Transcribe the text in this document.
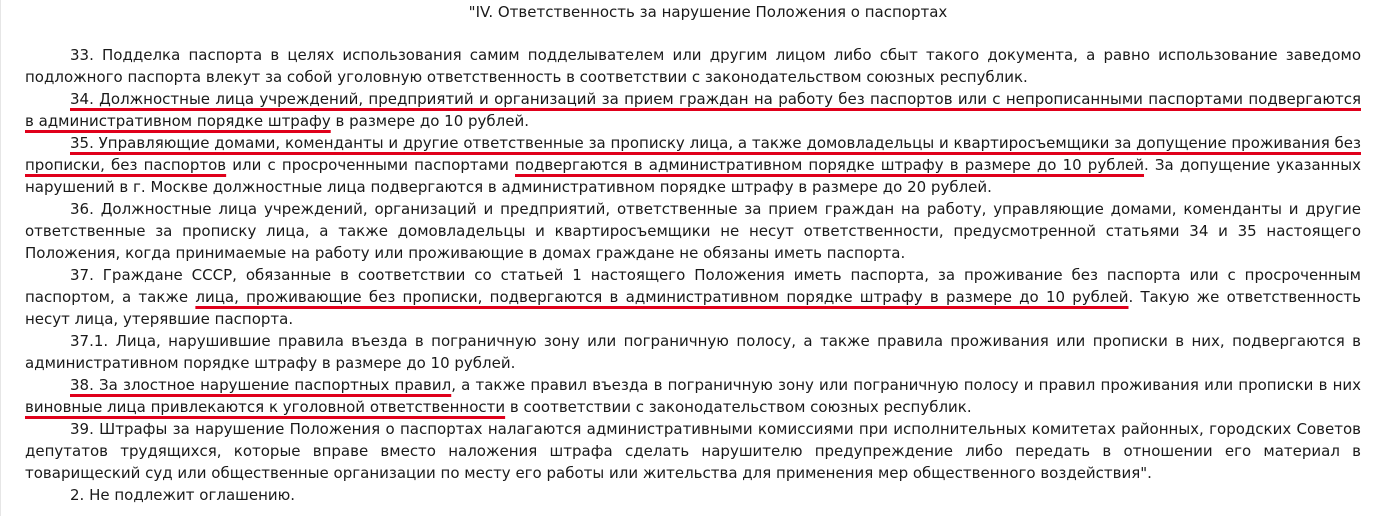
"IV. Ответственность за нарушение Положения о паспортах

33. Подделка паспорта в целях использования самим подделывателем или другим лицом либо сбыт такого документа, а равно использование заведомо подложного паспорта влекут за собой уголовную ответственность в соответствии с законодательством союзных республик.

34. Должностные лица учреждений, предприятий и организаций за прием граждан на работу без паспортов или с непрописанными паспортами подвергаются в административном порядке штрафу в размере до 10 рублей.

35. Управляющие домами, коменданты и другие ответственные за прописку лица, а также домовладельцы и квартиросъемщики за допущение проживания без прописки, без паспортов или с просроченными паспортами подвергаются в административном порядке штрафу в размере до 10 рублей. За допущение указанных нарушений в г. Москве должностные лица подвергаются в административном порядке штрафу в размере до 20 рублей.

36. Должностные лица учреждений, организаций и предприятий, ответственные за прием граждан на работу, управляющие домами, коменданты и другие ответственные за прописку лица, а также домовладельцы и квартиросъемщики не несут ответственности, предусмотренной статьями 34 и 35 настоящего Положения, когда принимаемые на работу или проживающие в домах граждане не обязаны иметь паспорта.

37. Граждане СССР, обязанные в соответствии со статьей 1 настоящего Положения иметь паспорта, за проживание без паспорта или с просроченным паспортом, а также лица, проживающие без прописки, подвергаются в административном порядке штрафу в размере до 10 рублей. Такую же ответственность несут лица, утерявшие паспорта.

37.1. Лица, нарушившие правила въезда в пограничную зону или пограничную полосу, а также правила проживания или прописки в них, подвергаются в административном порядке штрафу в размере до 10 рублей.

38. За злостное нарушение паспортных правил, а также правил въезда в пограничную зону или пограничную полосу и правил проживания или прописки в них виновные лица привлекаются к уголовной ответственности в соответствии с законодательством союзных республик.

39. Штрафы за нарушение Положения о паспортах налагаются административными комиссиями при исполнительных комитетах районных, городских Советов депутатов трудящихся, которые вправе вместо наложения штрафа сделать нарушителю предупреждение либо передать в отношении его материал в товарищеский суд или общественные организации по месту его работы или жительства для применения мер общественного воздействия".

2. Не подлежит оглашению.
